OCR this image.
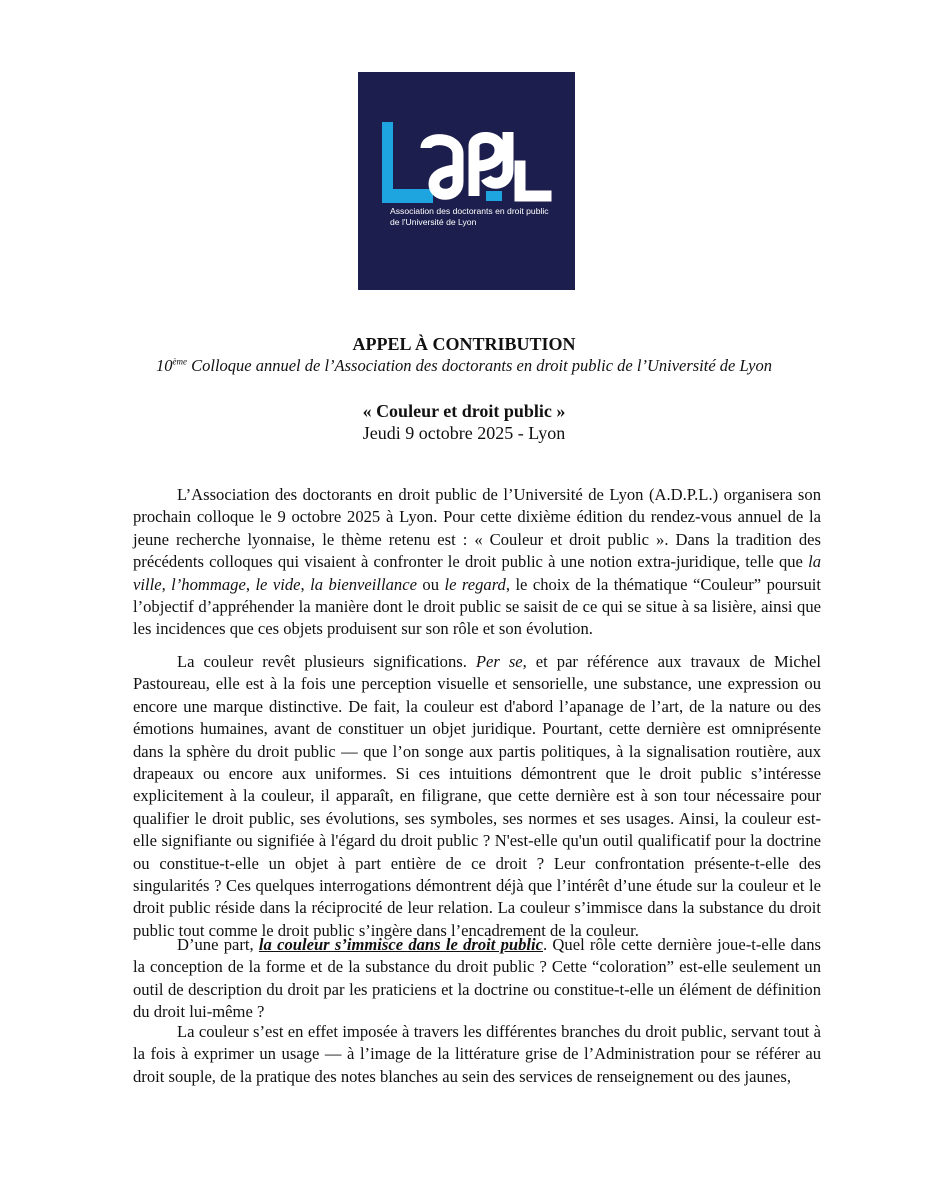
Association des doctorants en droit public
de l'Université de Lyon
APPEL À CONTRIBUTION
10ème Colloque annuel de l’Association des doctorants en droit public de l’Université de Lyon
« Couleur et droit public »
Jeudi 9 octobre 2025 - Lyon

L’Association des doctorants en droit public de l’Université de Lyon (A.D.P.L.) organisera son prochain colloque le 9 octobre 2025 à Lyon. Pour cette dixième édition du rendez-vous annuel de la jeune recherche lyonnaise, le thème retenu est : « Couleur et droit public ». Dans la tradition des précédents colloques qui visaient à confronter le droit public à une notion extra-juridique, telle que la ville, l’hommage, le vide, la bienveillance ou le regard, le choix de la thématique “Couleur” poursuit l’objectif d’appréhender la manière dont le droit public se saisit de ce qui se situe à sa lisière, ainsi que les incidences que ces objets produisent sur son rôle et son évolution.

La couleur revêt plusieurs significations. Per se, et par référence aux travaux de Michel Pastoureau, elle est à la fois une perception visuelle et sensorielle, une substance, une expression ou encore une marque distinctive. De fait, la couleur est d'abord l’apanage de l’art, de la nature ou des émotions humaines, avant de constituer un objet juridique. Pourtant, cette dernière est omniprésente dans la sphère du droit public — que l’on songe aux partis politiques, à la signalisation routière, aux drapeaux ou encore aux uniformes. Si ces intuitions démontrent que le droit public s’intéresse explicitement à la couleur, il apparaît, en filigrane, que cette dernière est à son tour nécessaire pour qualifier le droit public, ses évolutions, ses symboles, ses normes et ses usages. Ainsi, la couleur est-elle signifiante ou signifiée à l'égard du droit public ? N'est-elle qu'un outil qualificatif pour la doctrine ou constitue-t-elle un objet à part entière de ce droit ? Leur confrontation présente-t-elle des singularités ? Ces quelques interrogations démontrent déjà que l’intérêt d’une étude sur la couleur et le droit public réside dans la réciprocité de leur relation. La couleur s’immisce dans la substance du droit public tout comme le droit public s’ingère dans l’encadrement de la couleur.

D’une part, la couleur s’immisce dans le droit public. Quel rôle cette dernière joue-t-elle dans la conception de la forme et de la substance du droit public ? Cette “coloration” est-elle seulement un outil de description du droit par les praticiens et la doctrine ou constitue-t-elle un élément de définition du droit lui-même ?

La couleur s’est en effet imposée à travers les différentes branches du droit public, servant tout à la fois à exprimer un usage — à l’image de la littérature grise de l’Administration pour se référer au droit souple, de la pratique des notes blanches au sein des services de renseignement ou des jaunes,
